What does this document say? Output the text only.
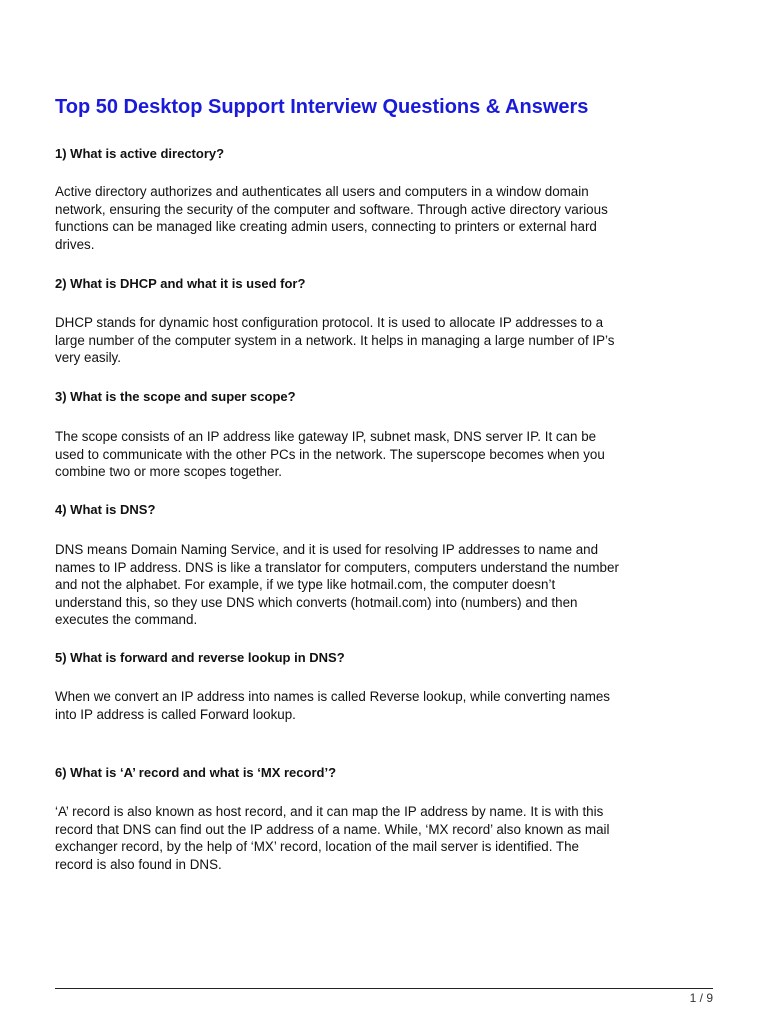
Top 50 Desktop Support Interview Questions & Answers

1) What is active directory?

Active directory authorizes and authenticates all users and computers in a window domain
network, ensuring the security of the computer and software. Through active directory various
functions can be managed like creating admin users, connecting to printers or external hard
drives.

2) What is DHCP and what it is used for?

DHCP stands for dynamic host configuration protocol. It is used to allocate IP addresses to a
large number of the computer system in a network. It helps in managing a large number of IP’s
very easily.

3) What is the scope and super scope?

The scope consists of an IP address like gateway IP, subnet mask, DNS server IP. It can be
used to communicate with the other PCs in the network. The superscope becomes when you
combine two or more scopes together.

4) What is DNS?

DNS means Domain Naming Service, and it is used for resolving IP addresses to name and
names to IP address. DNS is like a translator for computers, computers understand the number
and not the alphabet. For example, if we type like hotmail.com, the computer doesn’t
understand this, so they use DNS which converts (hotmail.com) into (numbers) and then
executes the command.

5) What is forward and reverse lookup in DNS?

When we convert an IP address into names is called Reverse lookup, while converting names
into IP address is called Forward lookup.

6) What is ‘A’ record and what is ‘MX record’?

‘A’ record is also known as host record, and it can map the IP address by name. It is with this
record that DNS can find out the IP address of a name. While, ‘MX record’ also known as mail
exchanger record, by the help of ‘MX’ record, location of the mail server is identified. The
record is also found in DNS.

1 / 9
